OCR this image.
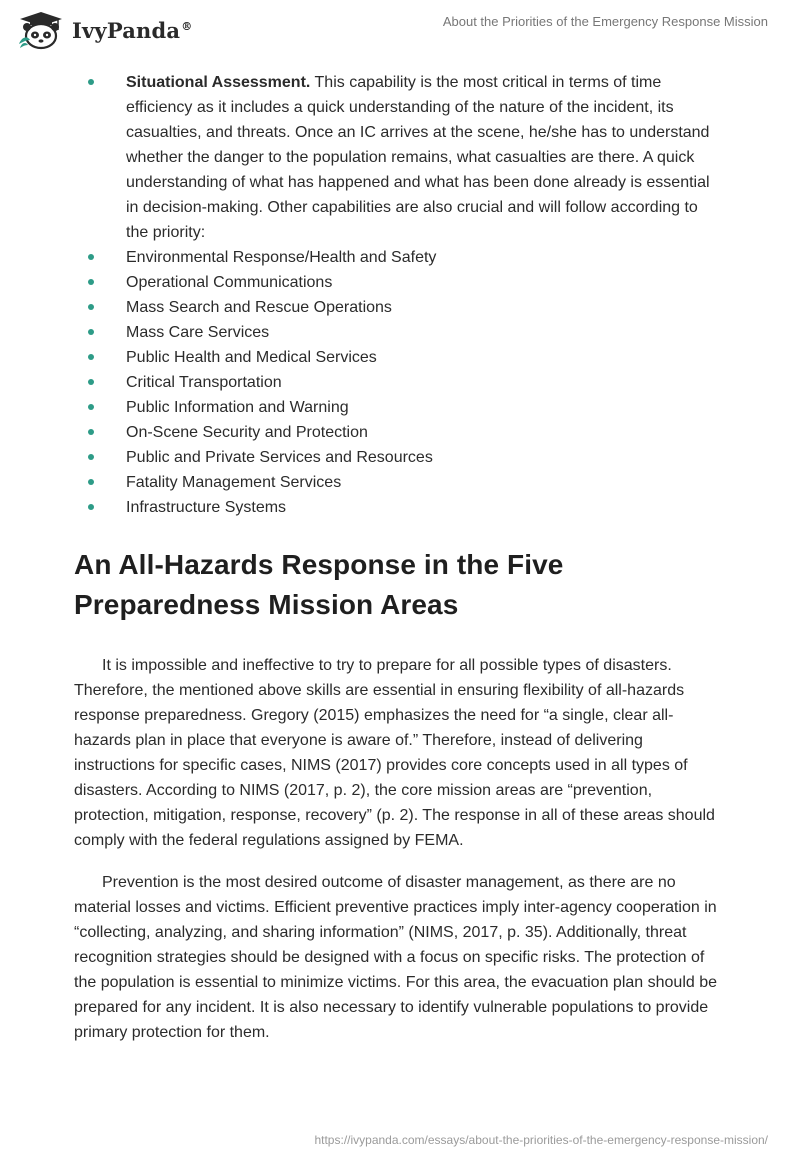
IvyPanda®	About the Priorities of the Emergency Response Mission
Situational Assessment. This capability is the most critical in terms of time efficiency as it includes a quick understanding of the nature of the incident, its casualties, and threats. Once an IC arrives at the scene, he/she has to understand whether the danger to the population remains, what casualties are there. A quick understanding of what has happened and what has been done already is essential in decision-making. Other capabilities are also crucial and will follow according to the priority:
Environmental Response/Health and Safety
Operational Communications
Mass Search and Rescue Operations
Mass Care Services
Public Health and Medical Services
Critical Transportation
Public Information and Warning
On-Scene Security and Protection
Public and Private Services and Resources
Fatality Management Services
Infrastructure Systems
An All-Hazards Response in the Five Preparedness Mission Areas

It is impossible and ineffective to try to prepare for all possible types of disasters. Therefore, the mentioned above skills are essential in ensuring flexibility of all-hazards response preparedness. Gregory (2015) emphasizes the need for “a single, clear all-hazards plan in place that everyone is aware of.” Therefore, instead of delivering instructions for specific cases, NIMS (2017) provides core concepts used in all types of disasters. According to NIMS (2017, p. 2), the core mission areas are “prevention, protection, mitigation, response, recovery” (p. 2). The response in all of these areas should comply with the federal regulations assigned by FEMA.

Prevention is the most desired outcome of disaster management, as there are no material losses and victims. Efficient preventive practices imply inter-agency cooperation in “collecting, analyzing, and sharing information” (NIMS, 2017, p. 35). Additionally, threat recognition strategies should be designed with a focus on specific risks. The protection of the population is essential to minimize victims. For this area, the evacuation plan should be prepared for any incident. It is also necessary to identify vulnerable populations to provide primary protection for them.

https://ivypanda.com/essays/about-the-priorities-of-the-emergency-response-mission/
